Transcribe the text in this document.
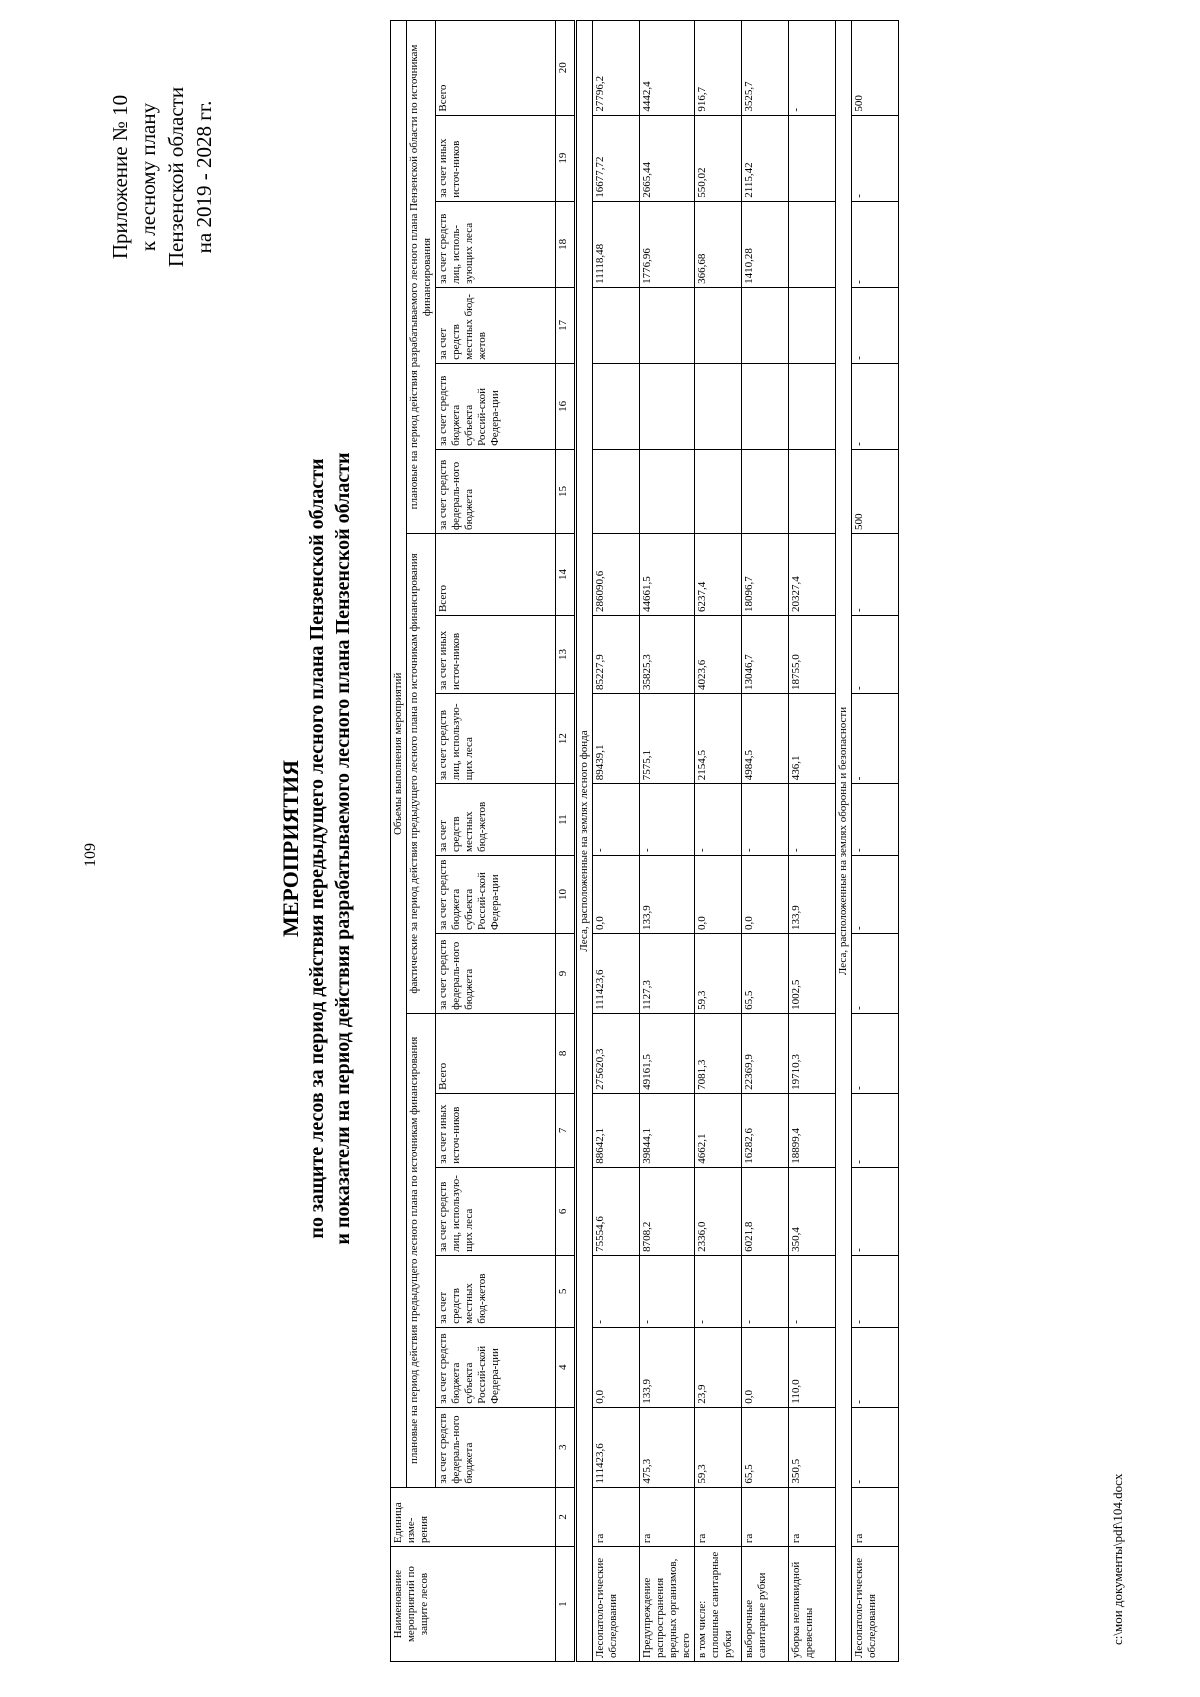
109
Приложение № 10 к лесному плану Пензенской области на 2019 - 2028 гг.
МЕРОПРИЯТИЯ по защите лесов за период действия передыдущего лесного плана Пензенской области и показатели на период действия разрабатываемого лесного плана Пензенской области
Наименование мероприятий по защите лесов	Единица изме-рения	Объемы выполнения мероприятий																	
		плановые на период действия предыдущего лесного плана по источникам финансирования						фактические за период действия предыдущего лесного плана по источникам финансирования						плановые на период действия разрабатываемого лесного плана Пензенской области по источникам финансирования					
		за счет средств федераль-ного бюджета	за счет средств бюджета субъекта Россий-ской Федера-ции	за счет средств местных бюд-жетов	за счет средств лиц, использую-щих леса	за счет иных источ-ников	Всего	за счет средств федераль-ного бюджета	за счет средств бюджета субъекта Россий-ской Федера-ции	за счет средств местных бюд-жетов	за счет средств лиц, использую-щих леса	за счет иных источ-ников	Всего	за счет средств федераль-ного бюджета	за счет средств бюджета субъекта Россий-ской Федера-ции	за счет средств местных бюд-жетов	за счет средств лиц, исполь-зующих леса	за счет иных источ-ников	Всего
1	2	3	4	5	6	7	8	9	10	11	12	13	14	15	16	17	18	19	20
Леса, расположенные на землях лесного фонда																			
Лесопатоло-гические обследования	га	111423,6	0,0	-	75554,6	88642,1	275620,3	111423,6	0,0	-	89439,1	85227,9	286090,6				11118,48	16677,72	27796,2
Предупреждение распространения вредных организмов, всего	га	475,3	133,9	-	8708,2	39844,1	49161,5	1127,3	133,9	-	7575,1	35825,3	44661,5				1776,96	2665,44	4442,4
в том числе: сплошные санитарные рубки	га	59,3	23,9	-	2336,0	4662,1	7081,3	59,3	0,0	-	2154,5	4023,6	6237,4				366,68	550,02	916,7
выборочные санитарные рубки	га	65,5	0,0	-	6021,8	16282,6	22369,9	65,5	0,0	-	4984,5	13046,7	18096,7				1410,28	2115,42	3525,7
уборка неликвидной древесины	га	350,5	110,0	-	350,4	18899,4	19710,3	1002,5	133,9	-	436,1	18755,0	20327,4						-
Леса, расположенные на землях обороны и безопасности																			
Лесопатоло-гические обследования	га	-	-	-	-	-	-	-	-	-	-	-	-	500	-	-	-	-	500
c:\мои документы\pdf\104.docx
